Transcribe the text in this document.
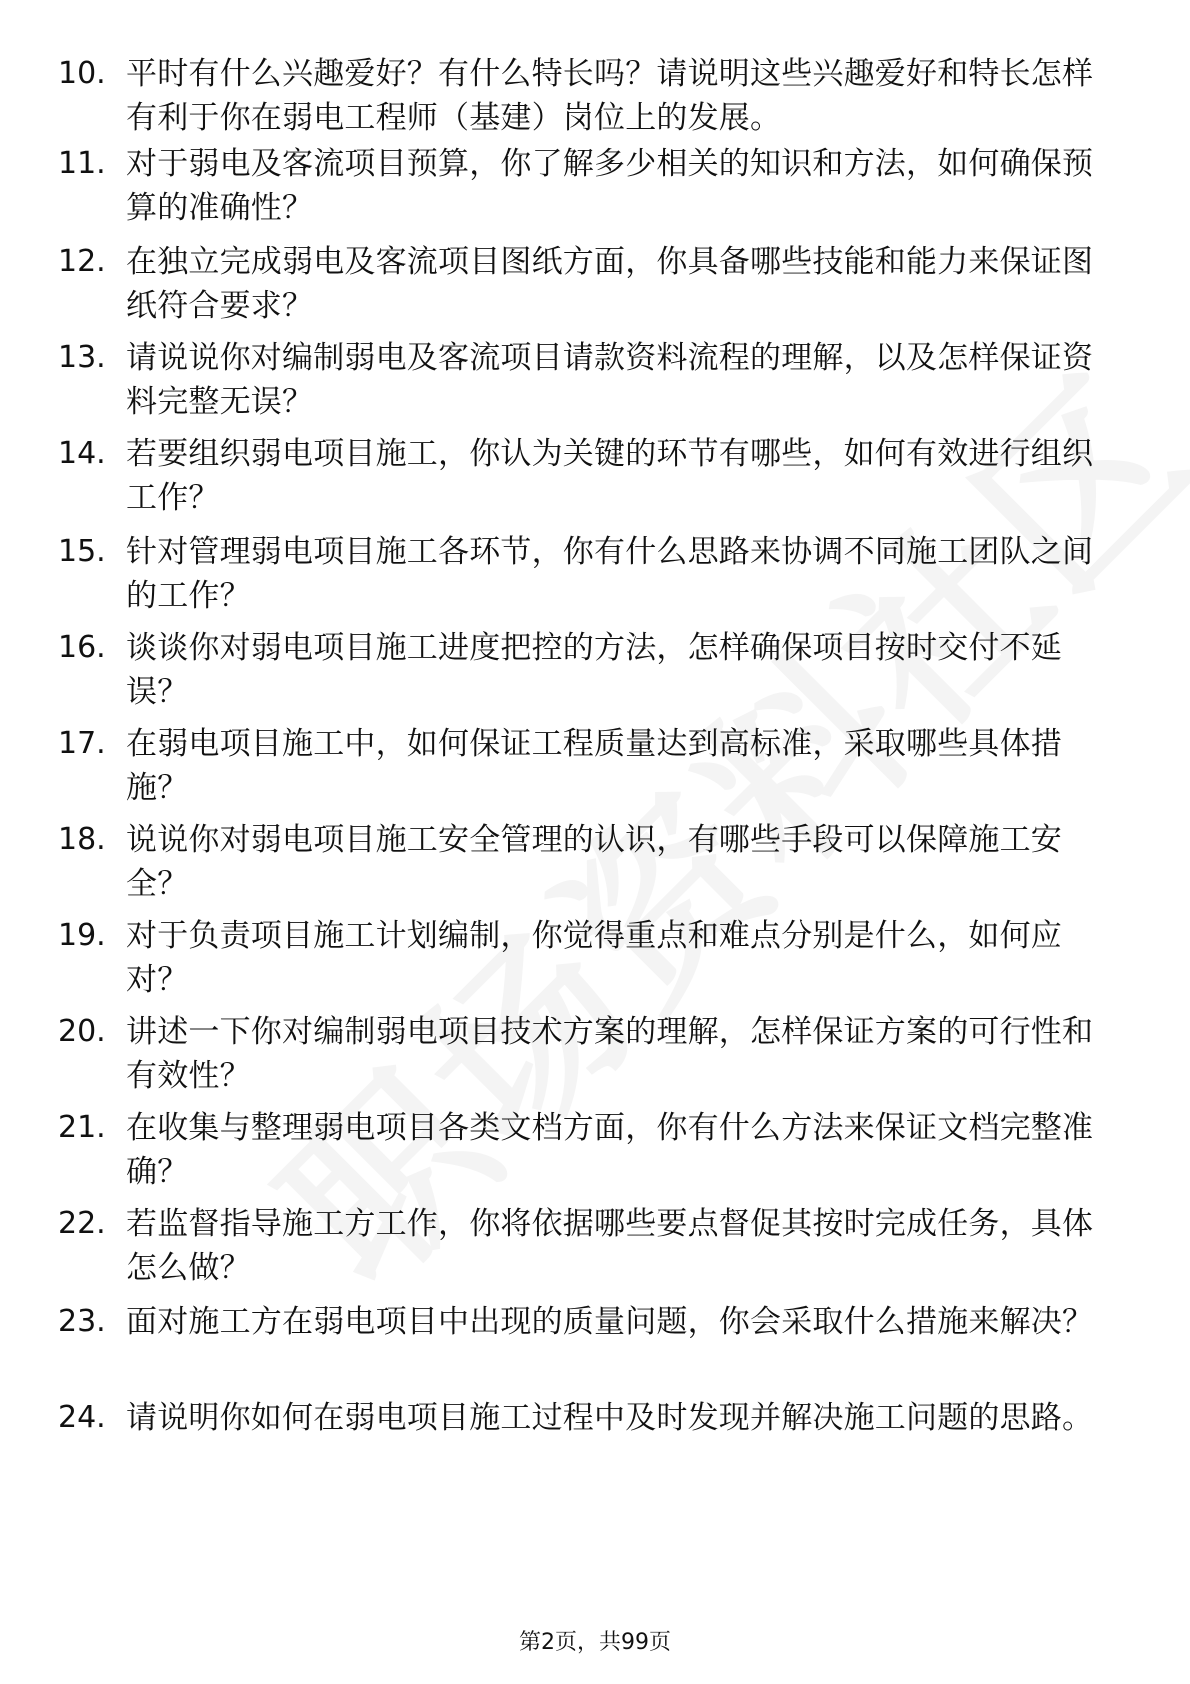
10. 平时有什么兴趣爱好？有什么特长吗？请说明这些兴趣爱好和特长怎样有利于你在弱电工程师（基建）岗位上的发展。
11. 对于弱电及客流项目预算，你了解多少相关的知识和方法，如何确保预算的准确性？
12. 在独立完成弱电及客流项目图纸方面，你具备哪些技能和能力来保证图纸符合要求？
13. 请说说你对编制弱电及客流项目请款资料流程的理解，以及怎样保证资料完整无误？
14. 若要组织弱电项目施工，你认为关键的环节有哪些，如何有效进行组织工作？
15. 针对管理弱电项目施工各环节，你有什么思路来协调不同施工团队之间的工作？
16. 谈谈你对弱电项目施工进度把控的方法，怎样确保项目按时交付不延误？
17. 在弱电项目施工中，如何保证工程质量达到高标准，采取哪些具体措施？
18. 说说你对弱电项目施工安全管理的认识，有哪些手段可以保障施工安全？
19. 对于负责项目施工计划编制，你觉得重点和难点分别是什么，如何应对？
20. 讲述一下你对编制弱电项目技术方案的理解，怎样保证方案的可行性和有效性？
21. 在收集与整理弱电项目各类文档方面，你有什么方法来保证文档完整准确？
22. 若监督指导施工方工作，你将依据哪些要点督促其按时完成任务，具体怎么做？
23. 面对施工方在弱电项目中出现的质量问题，你会采取什么措施来解决？
24. 请说明你如何在弱电项目施工过程中及时发现并解决施工问题的思路。
第2页，共99页
